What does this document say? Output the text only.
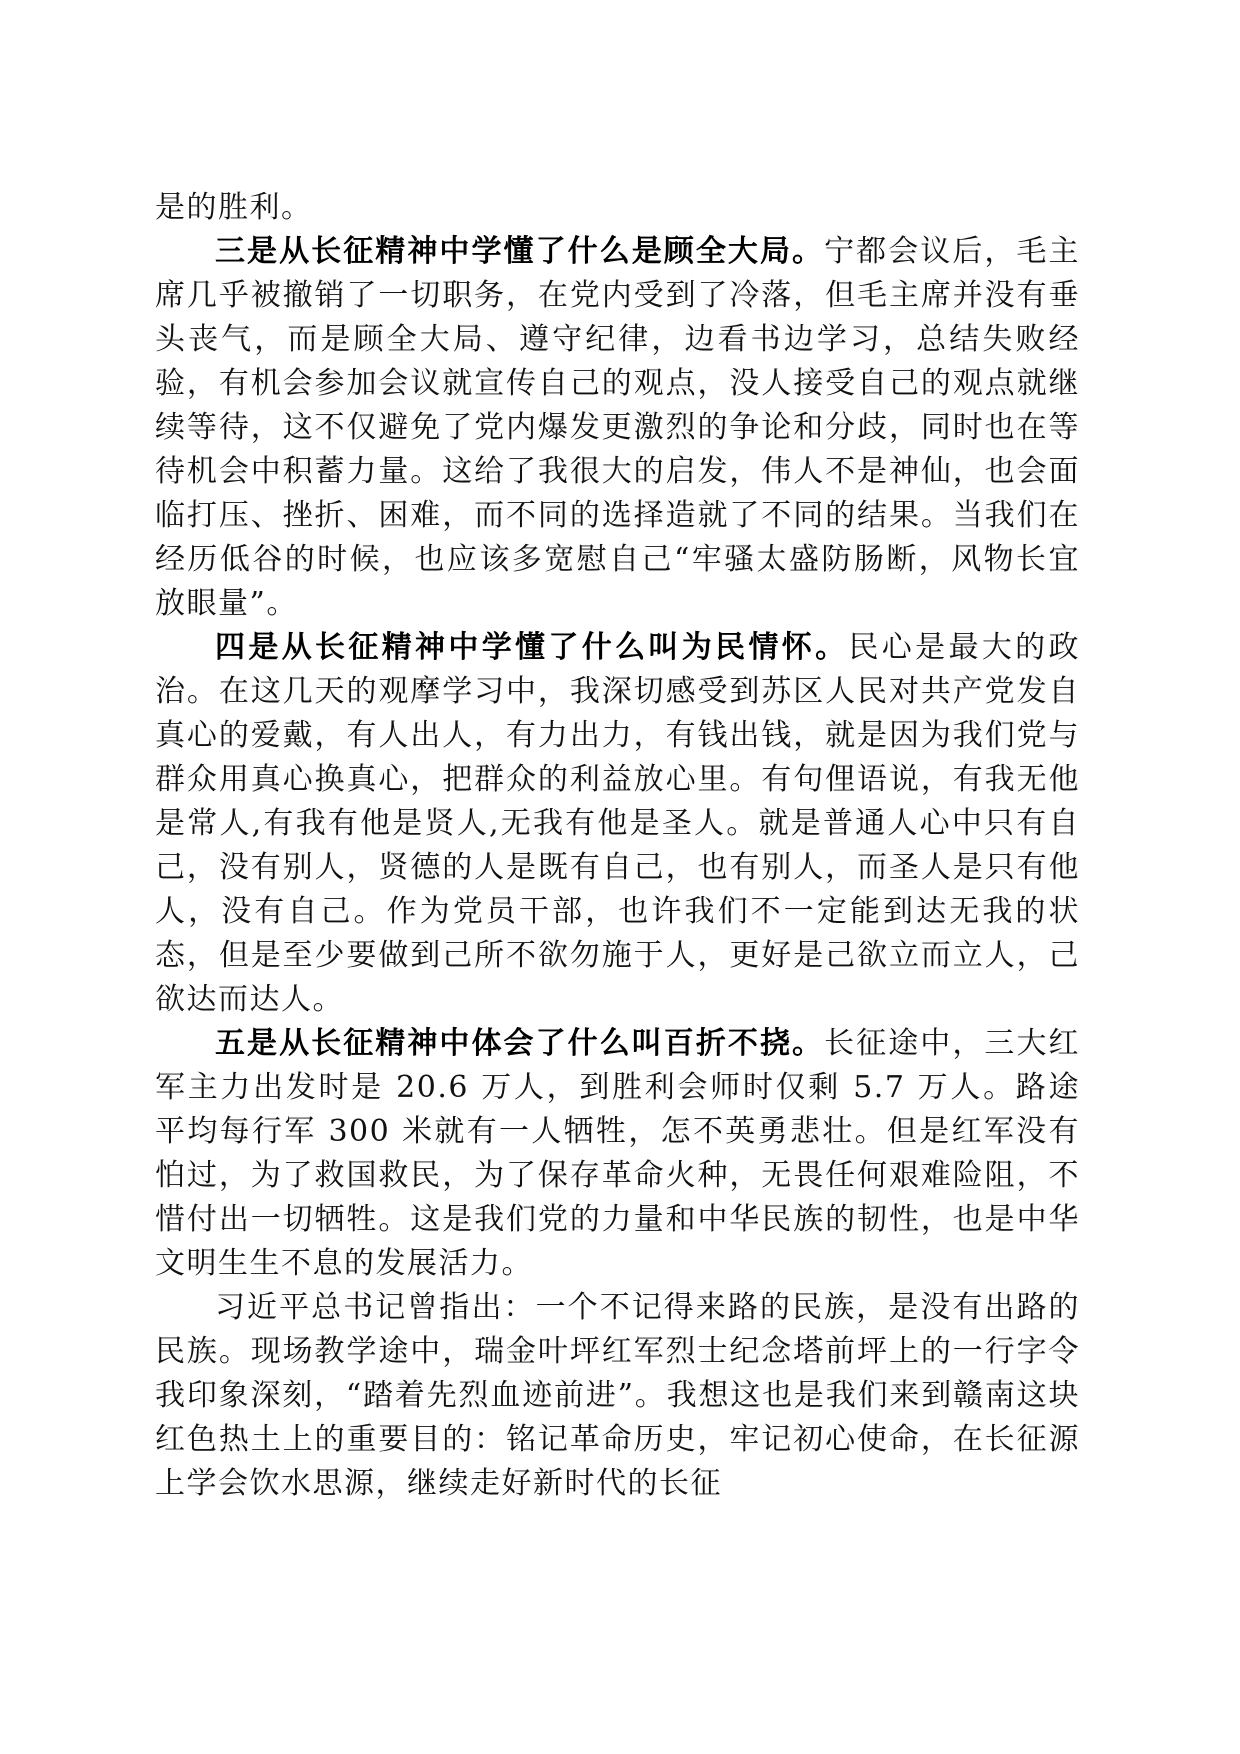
是的胜利。

三是从长征精神中学懂了什么是顾全大局。宁都会议后，毛主席几乎被撤销了一切职务，在党内受到了冷落，但毛主席并没有垂头丧气，而是顾全大局、遵守纪律，边看书边学习，总结失败经验，有机会参加会议就宣传自己的观点，没人接受自己的观点就继续等待，这不仅避免了党内爆发更激烈的争论和分歧，同时也在等待机会中积蓄力量。这给了我很大的启发，伟人不是神仙，也会面临打压、挫折、困难，而不同的选择造就了不同的结果。当我们在经历低谷的时候，也应该多宽慰自己“牢骚太盛防肠断，风物长宜放眼量”。

四是从长征精神中学懂了什么叫为民情怀。民心是最大的政治。在这几天的观摩学习中，我深切感受到苏区人民对共产党发自真心的爱戴，有人出人，有力出力，有钱出钱，就是因为我们党与群众用真心换真心，把群众的利益放心里。有句俚语说，有我无他是常人,有我有他是贤人,无我有他是圣人。就是普通人心中只有自己，没有别人，贤德的人是既有自己，也有别人，而圣人是只有他人，没有自己。作为党员干部，也许我们不一定能到达无我的状态，但是至少要做到己所不欲勿施于人，更好是己欲立而立人，己欲达而达人。

五是从长征精神中体会了什么叫百折不挠。长征途中，三大红军主力出发时是 20.6 万人，到胜利会师时仅剩 5.7 万人。路途平均每行军 300 米就有一人牺牲，怎不英勇悲壮。但是红军没有怕过，为了救国救民，为了保存革命火种，无畏任何艰难险阻，不惜付出一切牺牲。这是我们党的力量和中华民族的韧性，也是中华文明生生不息的发展活力。

习近平总书记曾指出：一个不记得来路的民族，是没有出路的民族。现场教学途中，瑞金叶坪红军烈士纪念塔前坪上的一行字令我印象深刻，“踏着先烈血迹前进”。我想这也是我们来到赣南这块红色热土上的重要目的：铭记革命历史，牢记初心使命，在长征源上学会饮水思源，继续走好新时代的长征
